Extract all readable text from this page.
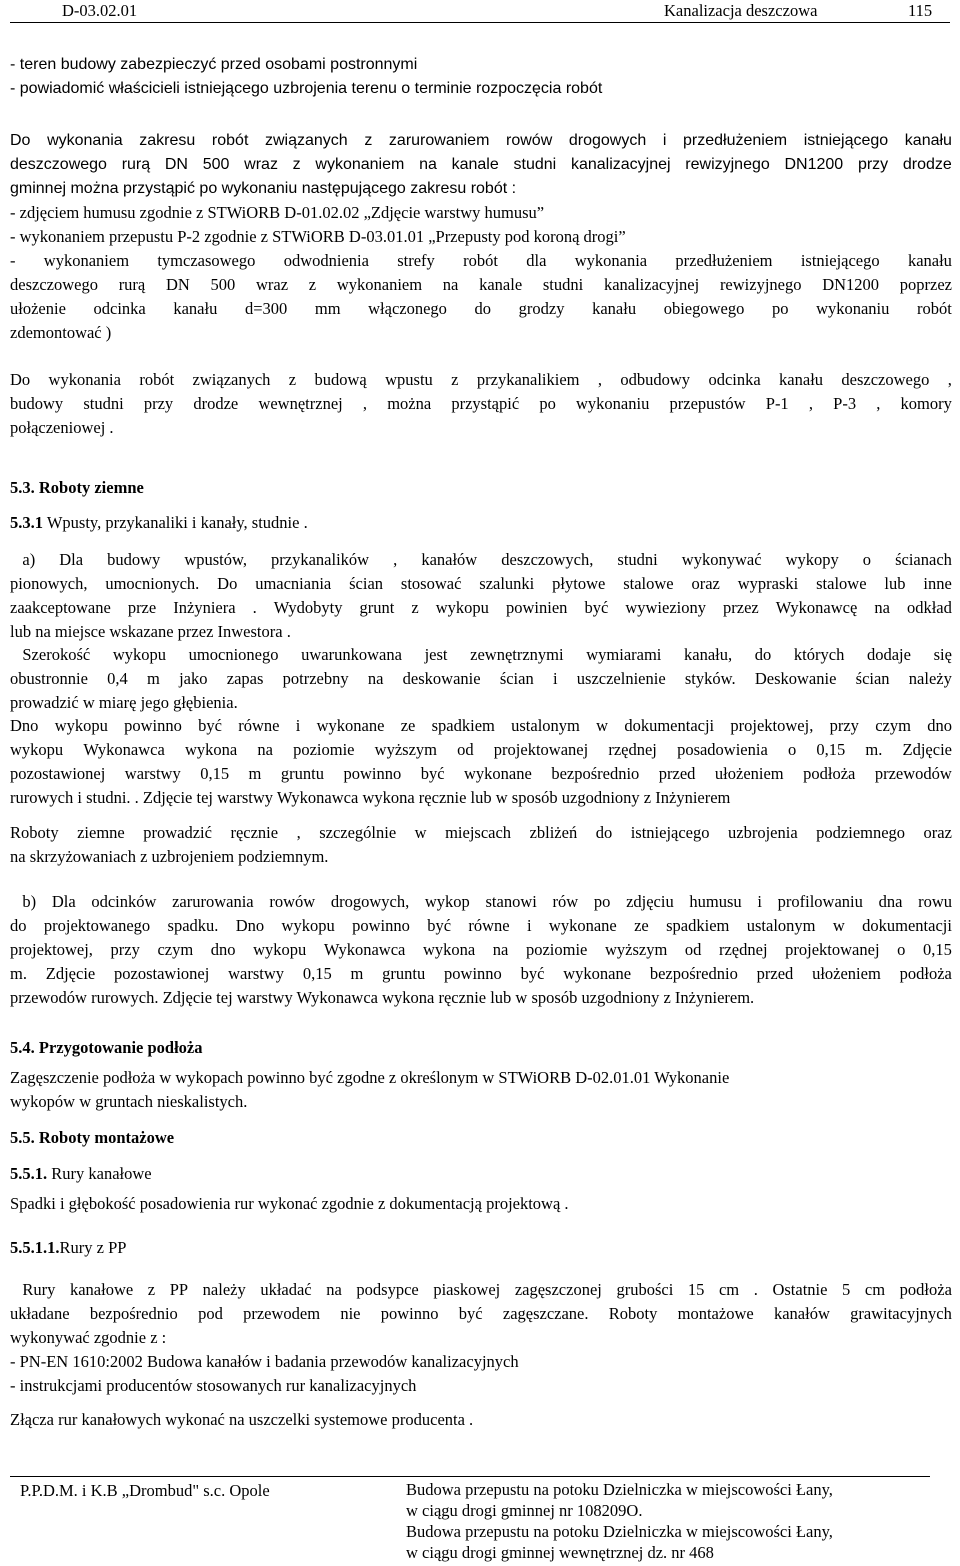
D-03.02.01	Kanalizacja deszczowa	115
- teren budowy zabezpieczyć przed osobami postronnymi
- powiadomić właścicieli istniejącego uzbrojenia terenu o terminie rozpoczęcia robót
Do wykonania zakresu robót związanych z zarurowaniem rowów drogowych i przedłużeniem istniejącego kanału
deszczowego rurą DN 500 wraz z wykonaniem na kanale studni kanalizacyjnej rewizyjnego DN1200 przy drodze
gminnej można przystąpić po wykonaniu następującego zakresu robót :
- zdjęciem humusu zgodnie z STWiORB D-01.02.02 „Zdjęcie warstwy humusu”
- wykonaniem przepustu P-2 zgodnie z STWiORB D-03.01.01 „Przepusty pod koroną drogi”
- wykonaniem tymczasowego odwodnienia strefy robót dla wykonania przedłużeniem istniejącego kanału
deszczowego rurą DN 500 wraz z wykonaniem na kanale studni kanalizacyjnej rewizyjnego DN1200 poprzez
ułożenie odcinka kanału d=300 mm włączonego do grodzy kanału obiegowego po wykonaniu robót
zdemontować )
Do wykonania robót związanych z budową wpustu z przykanalikiem , odbudowy odcinka kanału deszczowego ,
budowy studni przy drodze wewnętrznej , można przystąpić po wykonaniu przepustów P-1 , P-3 , komory
połączeniowej .
5.3. Roboty ziemne
5.3.1 Wpusty, przykanaliki i kanały, studnie .
a) Dla budowy wpustów, przykanalików , kanałów deszczowych, studni wykonywać wykopy o ścianach
pionowych, umocnionych. Do umacniania ścian stosować szalunki płytowe stalowe oraz wypraski stalowe lub inne
zaakceptowane prze Inżyniera . Wydobyty grunt z wykopu powinien być wywieziony przez Wykonawcę na odkład
lub na miejsce wskazane przez Inwestora .
Szerokość wykopu umocnionego uwarunkowana jest zewnętrznymi wymiarami kanału, do których dodaje się
obustronnie 0,4 m jako zapas potrzebny na deskowanie ścian i uszczelnienie styków. Deskowanie ścian należy
prowadzić w miarę jego głębienia.
Dno wykopu powinno być równe i wykonane ze spadkiem ustalonym w dokumentacji projektowej, przy czym dno
wykopu Wykonawca wykona na poziomie wyższym od projektowanej rzędnej posadowienia o 0,15 m. Zdjęcie
pozostawionej warstwy 0,15 m gruntu powinno być wykonane bezpośrednio przed ułożeniem podłoża przewodów
rurowych i studni. . Zdjęcie tej warstwy Wykonawca wykona ręcznie lub w sposób uzgodniony z Inżynierem
Roboty ziemne prowadzić ręcznie , szczególnie w miejscach zbliżeń do istniejącego uzbrojenia podziemnego oraz
na skrzyżowaniach z uzbrojeniem podziemnym.
b) Dla odcinków zarurowania rowów drogowych, wykop stanowi rów po zdjęciu humusu i profilowaniu dna rowu
do projektowanego spadku. Dno wykopu powinno być równe i wykonane ze spadkiem ustalonym w dokumentacji
projektowej, przy czym dno wykopu Wykonawca wykona na poziomie wyższym od rzędnej projektowanej o 0,15
m. Zdjęcie pozostawionej warstwy 0,15 m gruntu powinno być wykonane bezpośrednio przed ułożeniem podłoża
przewodów rurowych. Zdjęcie tej warstwy Wykonawca wykona ręcznie lub w sposób uzgodniony z Inżynierem.
5.4. Przygotowanie podłoża
Zagęszczenie podłoża w wykopach powinno być zgodne z określonym w STWiORB D-02.01.01 Wykonanie
wykopów w gruntach nieskalistych.
5.5. Roboty montażowe
5.5.1. Rury kanałowe
Spadki i głębokość posadowienia rur wykonać zgodnie z dokumentacją projektową .
5.5.1.1.Rury z PP
Rury kanałowe z PP należy układać na podsypce piaskowej zagęszczonej grubości 15 cm . Ostatnie 5 cm podłoża
układane bezpośrednio pod przewodem nie powinno być zagęszczane. Roboty montażowe kanałów grawitacyjnych
wykonywać zgodnie z :
- PN-EN 1610:2002 Budowa kanałów i badania przewodów kanalizacyjnych
- instrukcjami producentów stosowanych rur kanalizacyjnych
Złącza rur kanałowych wykonać na uszczelki systemowe producenta .
P.P.D.M. i K.B „Drombud" s.c. Opole	Budowa przepustu na potoku Dzielniczka w miejscowości Łany,
w ciągu drogi gminnej nr 108209O.
Budowa przepustu na potoku Dzielniczka w miejscowości Łany,
w ciągu drogi gminnej wewnętrznej dz. nr 468
